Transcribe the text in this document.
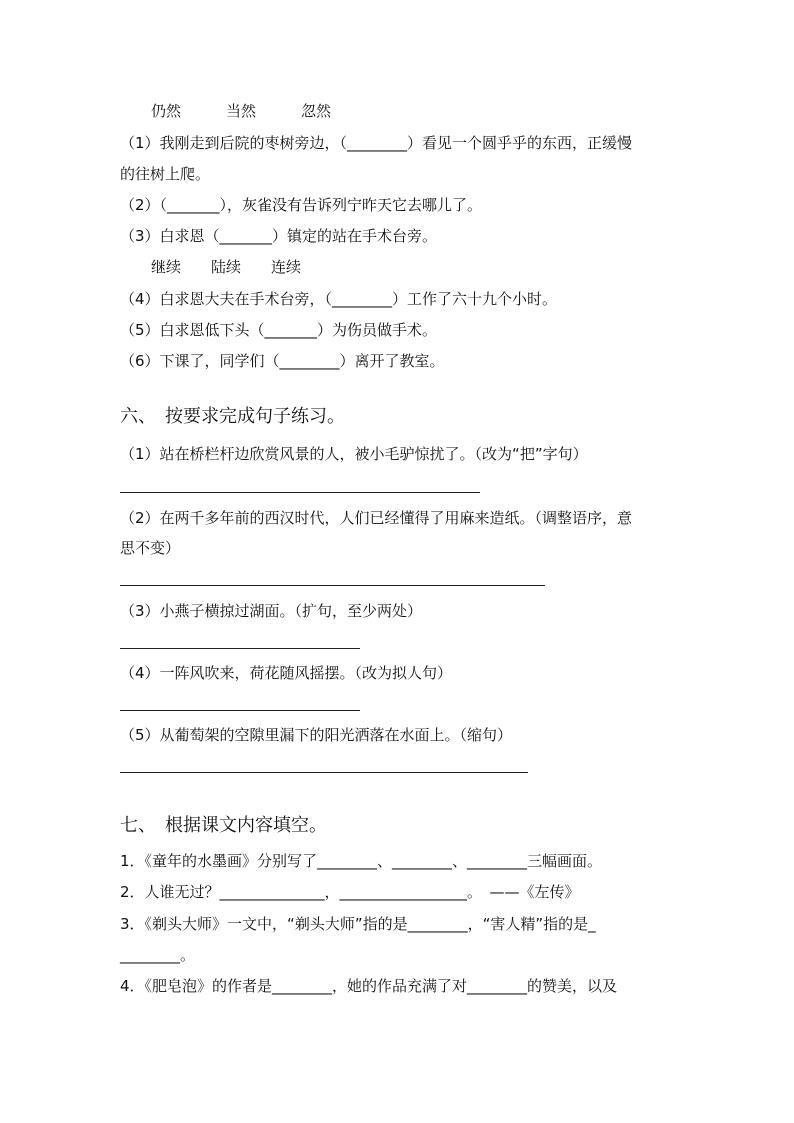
仍然　　　当然　　　忽然
（1）我刚走到后院的枣树旁边，（________）看见一个圆乎乎的东西，正缓慢
的往树上爬。
（2）（_______），灰雀没有告诉列宁昨天它去哪儿了。
（3）白求恩（_______）镇定的站在手术台旁。
继续　　陆续　　连续
（4）白求恩大夫在手术台旁，（________）工作了六十九个小时。
（5）白求恩低下头（_______）为伤员做手术。
（6）下课了，同学们（________）离开了教室。
六、　按要求完成句子练习。
（1）站在桥栏杆边欣赏风景的人，被小毛驴惊扰了。（改为“把”字句）
（2）在两千多年前的西汉时代，人们已经懂得了用麻来造纸。（调整语序，意
思不变）
（3）小燕子横掠过湖面。（扩句，至少两处）
（4）一阵风吹来，荷花随风摇摆。（改为拟人句）
（5）从葡萄架的空隙里漏下的阳光洒落在水面上。（缩句）
七、　根据课文内容填空。
1．《童年的水墨画》分别写了________、________、________三幅画面。
2．人谁无过？______________，_________________。　——《左传》
3．《剃头大师》一文中，“剃头大师”指的是________，“害人精”指的是_
________。
4．《肥皂泡》的作者是________，她的作品充满了对________的赞美，以及
